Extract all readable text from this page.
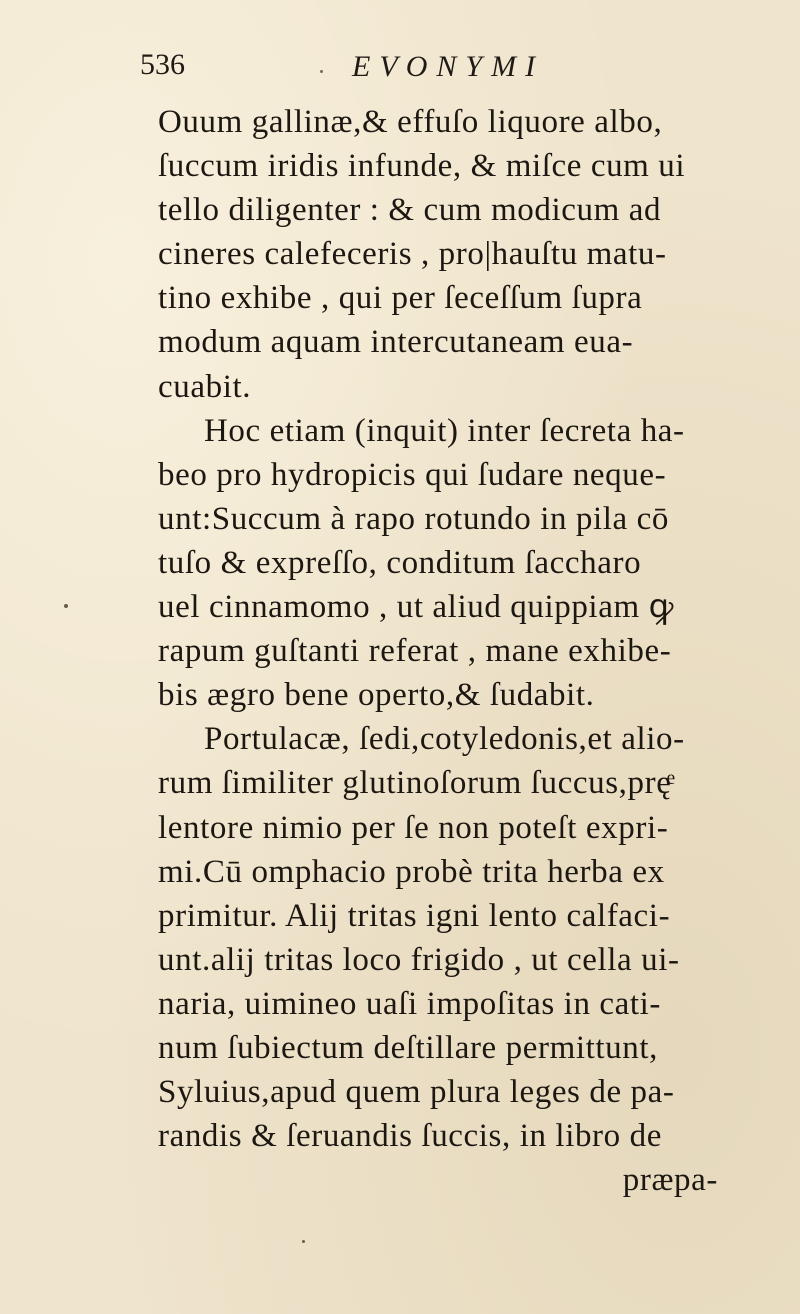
536	EVONYMI
Ouum gallinæ,& effuſo liquore albo,
ſuccum iridis infunde, & miſce cum ui
tello diligenter : & cum modicum ad
cineres calefeceris , pro|hauſtu matu-
tino exhibe , qui per ſeceſſum ſupra
modum aquam intercutaneam eua-
cuabit.
Hoc etiam (inquit) inter ſecreta ha-
beo pro hydropicis qui ſudare neque-
unt:Succum à rapo rotundo in pila cō
tuſo & expreſſo, conditum ſaccharo
uel cinnamomo , ut aliud quippiam ꝙ
rapum guſtanti referat , mane exhibe-
bis ægro bene operto,& ſudabit.
Portulacæ, ſedi,cotyledonis,et alio-
rum ſimiliter glutinoſorum ſuccus,pręͤ
lentore nimio per ſe non poteſt expri-
mi.Cū omphacio probè trita herba ex
primitur. Alij tritas igni lento calfaci-
unt.alij tritas loco frigido , ut cella ui-
naria, uimineo uaſi impoſitas in cati-
num ſubiectum deſtillare permittunt,
Syluius,apud quem plura leges de pa-
randis & ſeruandis ſuccis, in libro de
præpa-
